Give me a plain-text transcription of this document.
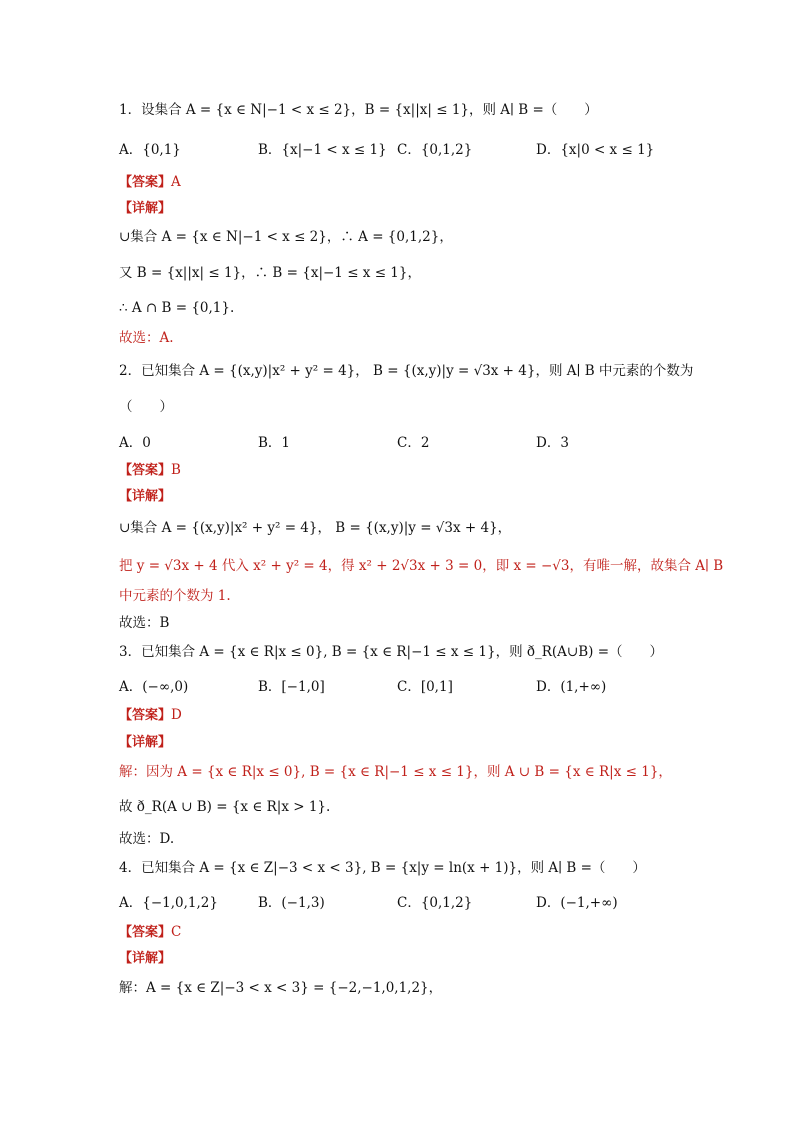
1．设集合 A = {x ∈ N|−1 < x ≤ 2}，B = {x||x| ≤ 1}，则 A∣ B =（　　）
A．{0,1}	B．{x|−1 < x ≤ 1} C．{0,1,2}	D．{x|0 < x ≤ 1}
【答案】A
【详解】
∪集合 A = {x ∈ N|−1 < x ≤ 2}，∴ A = {0,1,2}，
又 B = {x||x| ≤ 1}，∴ B = {x|−1 ≤ x ≤ 1}，
∴ A ∩ B = {0,1}.
故选：A.
2．已知集合 A = {(x,y)|x² + y² = 4}， B = {(x,y)|y = √3x + 4}，则 A∣ B 中元素的个数为
（　　）
A．0	B．1	C．2	D．3
【答案】B
【详解】
∪集合 A = {(x,y)|x² + y² = 4}， B = {(x,y)|y = √3x + 4}，
把 y = √3x + 4 代入 x² + y² = 4，得 x² + 2√3x + 3 = 0，即 x = −√3，有唯一解，故集合 A∣ B
中元素的个数为 1.
故选：B
3．已知集合 A = {x ∈ R|x ≤ 0}, B = {x ∈ R|−1 ≤ x ≤ 1}，则 ð_R(A∪B) =（　　）
A．(−∞,0)	B．[−1,0]	C．[0,1]	D．(1,+∞)
【答案】D
【详解】
解：因为 A = {x ∈ R|x ≤ 0}, B = {x ∈ R|−1 ≤ x ≤ 1}，则 A ∪ B = {x ∈ R|x ≤ 1}，
故 ð_R(A ∪ B) = {x ∈ R|x > 1}.
故选：D.
4．已知集合 A = {x ∈ Z|−3 < x < 3}, B = {x|y = ln(x + 1)}，则 A∣ B =（　　）
A．{−1,0,1,2}	B．(−1,3)	C．{0,1,2}	D．(−1,+∞)
【答案】C
【详解】
解：A = {x ∈ Z|−3 < x < 3} = {−2,−1,0,1,2}，
